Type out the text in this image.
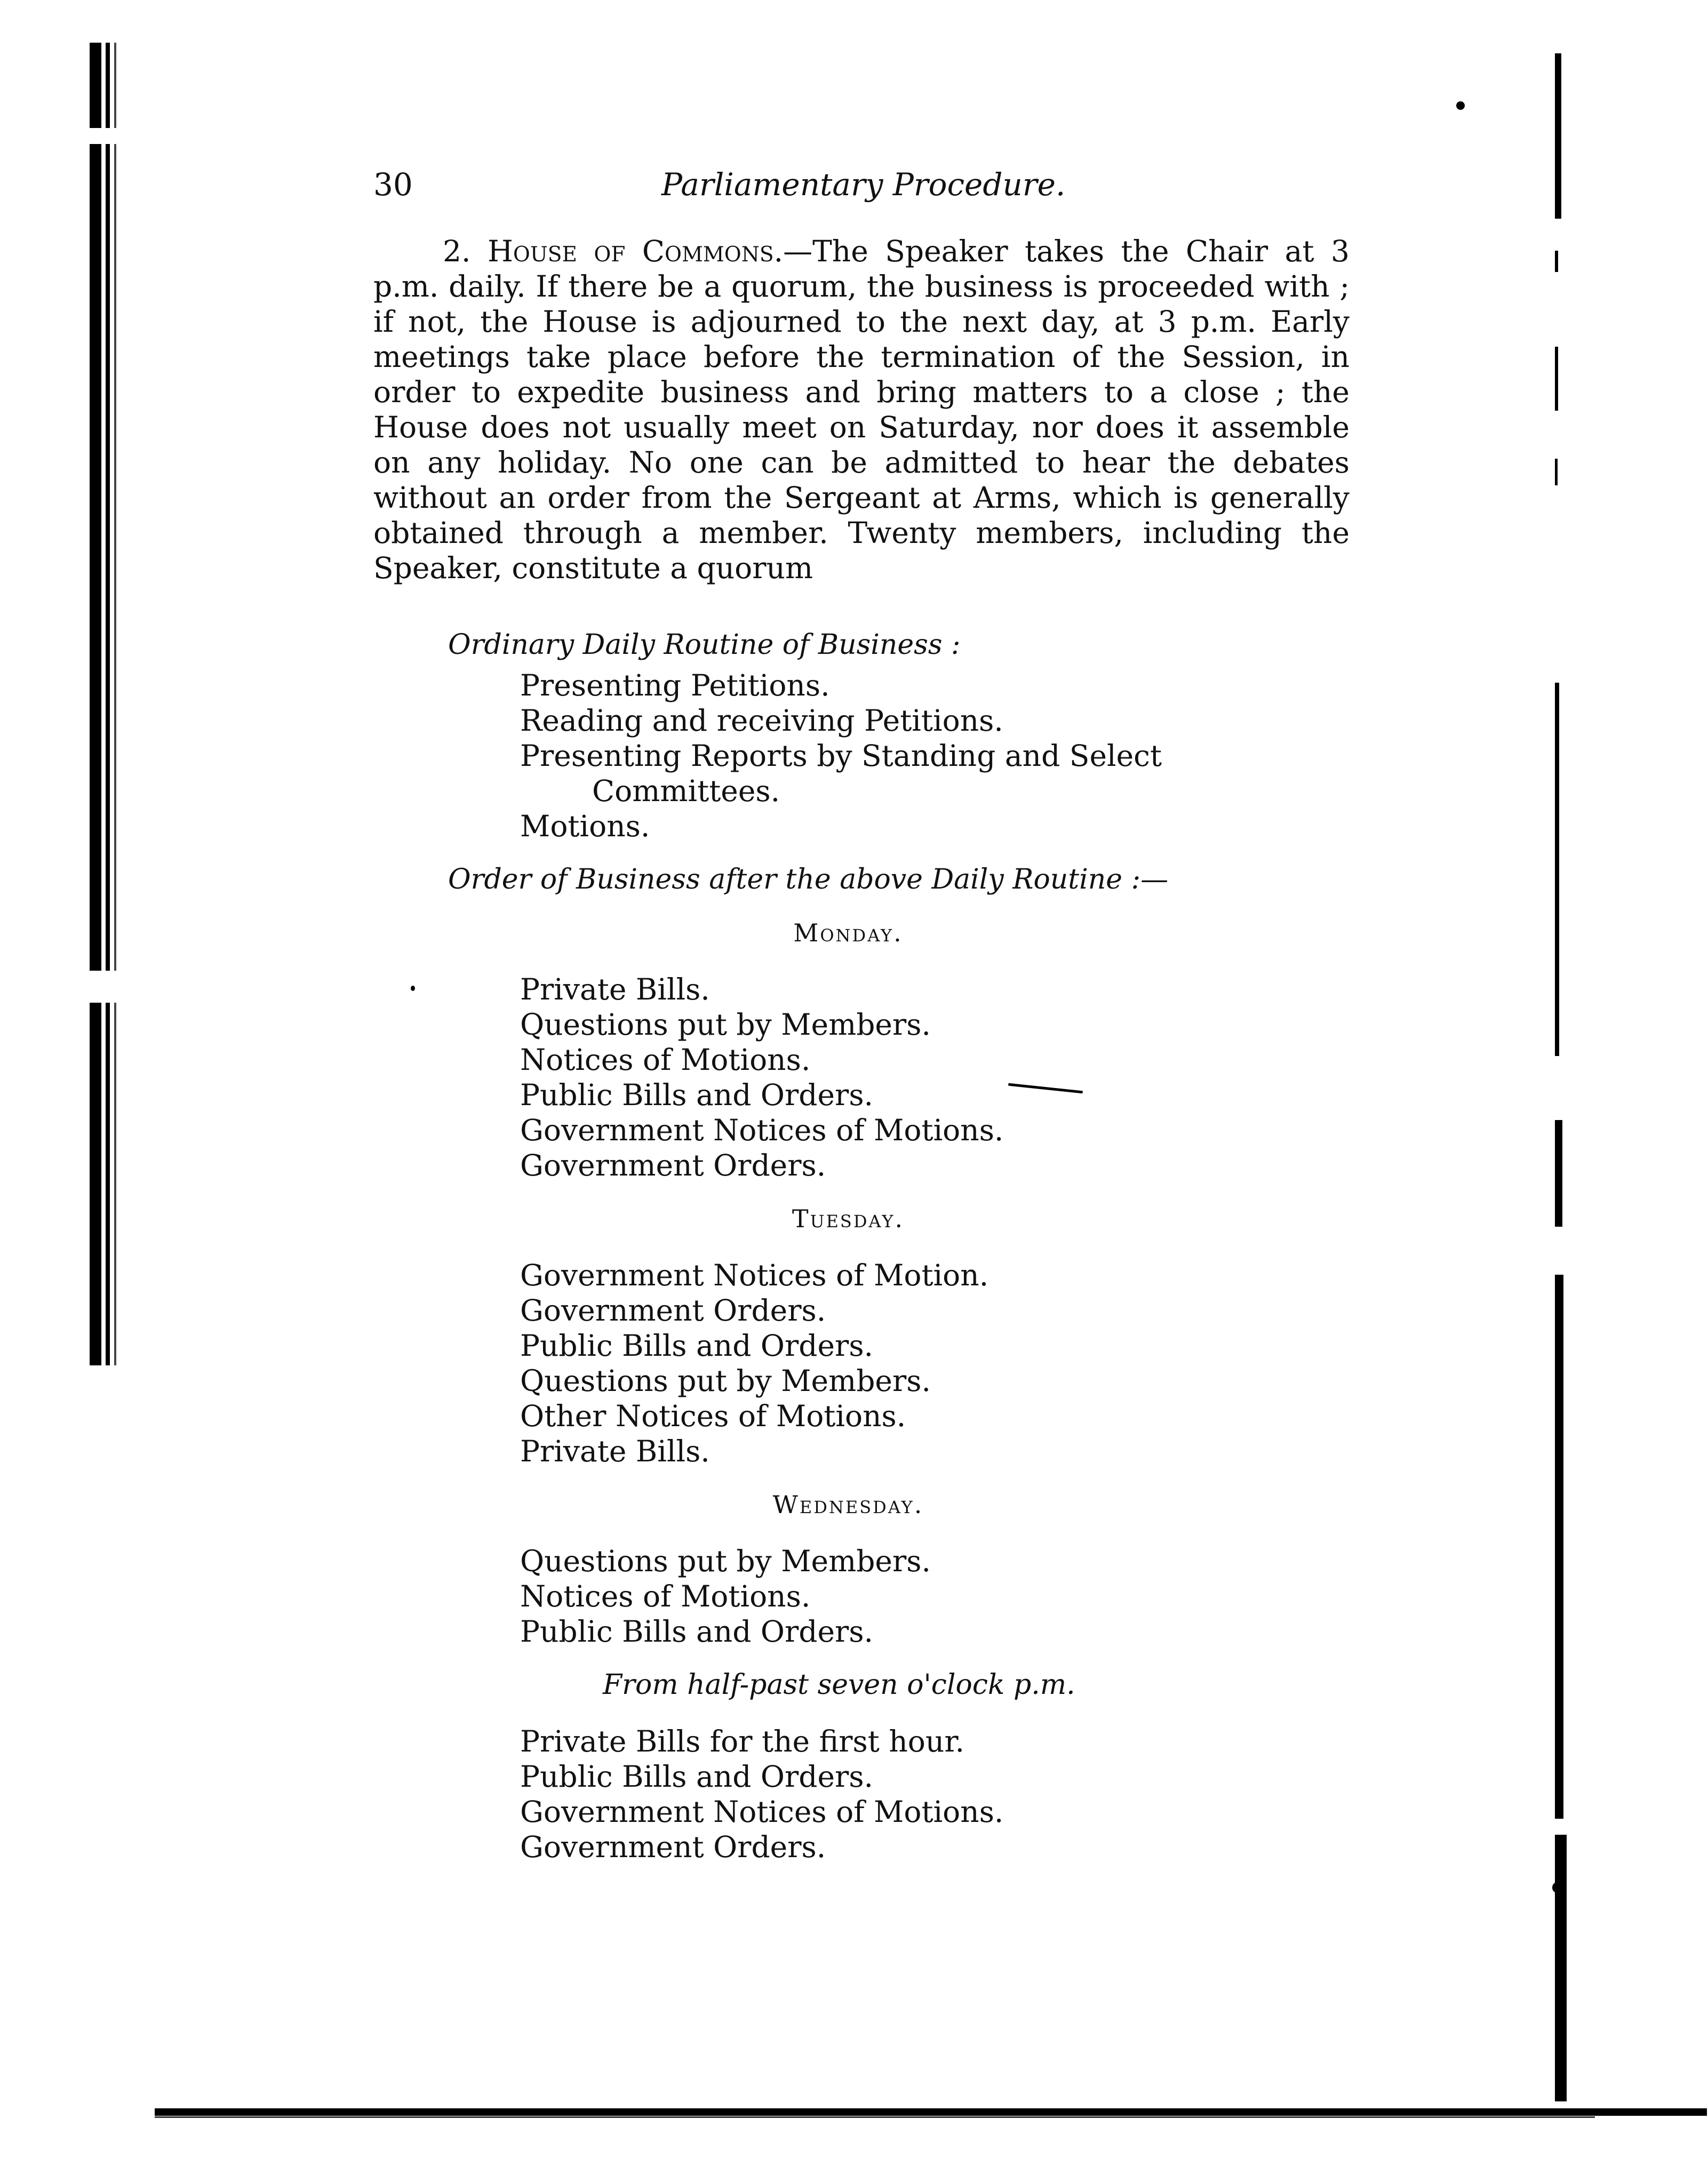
30	Parliamentary Procedure.

2. House of Commons.—The Speaker takes the Chair at 3 p.m. daily. If there be a quorum, the business is proceeded with ; if not, the House is adjourned to the next day, at 3 p.m. Early meetings take place before the termination of the Session, in order to expedite business and bring matters to a close ; the House does not usually meet on Saturday, nor does it assemble on any holiday. No one can be admitted to hear the debates without an order from the Sergeant at Arms, which is generally obtained through a member. Twenty members, including the Speaker, constitute a quorum

Ordinary Daily Routine of Business :
Presenting Petitions.
Reading and receiving Petitions.
Presenting Reports by Standing and Select Committees.
Motions.
Order of Business after the above Daily Routine :—
Monday.
Private Bills.
Questions put by Members.
Notices of Motions.
Public Bills and Orders.
Government Notices of Motions.
Government Orders.
Tuesday.
Government Notices of Motion.
Government Orders.
Public Bills and Orders.
Questions put by Members.
Other Notices of Motions.
Private Bills.
Wednesday.
Questions put by Members.
Notices of Motions.
Public Bills and Orders.
From half-past seven o'clock p.m.
Private Bills for the first hour.
Public Bills and Orders.
Government Notices of Motions.
Government Orders.
